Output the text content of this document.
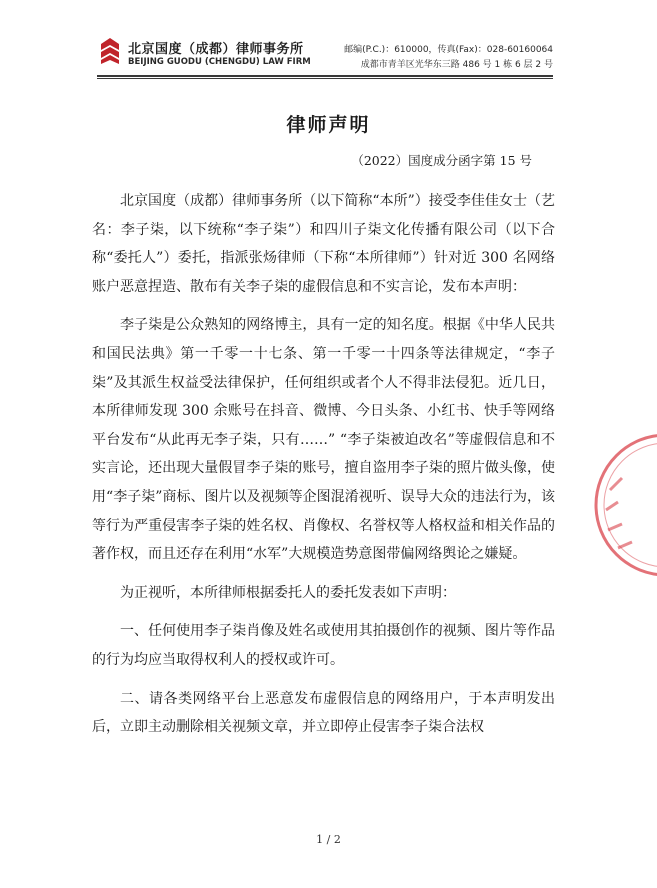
北京国度（成都）律师事务所
BEIJING GUODU (CHENGDU) LAW FIRM
邮编(P.C.)：610000，传真(Fax)：028-60160064
成都市青羊区光华东三路 486 号 1 栋 6 层 2 号
律师声明
（2022）国度成分函字第 15 号

北京国度（成都）律师事务所（以下简称“本所”）接受李佳佳女士（艺名：李子柒，以下统称“李子柒”）和四川子柒文化传播有限公司（以下合称“委托人”）委托，指派张炀律师（下称“本所律师”）针对近 300 名网络账户恶意捏造、散布有关李子柒的虚假信息和不实言论，发布本声明：

李子柒是公众熟知的网络博主，具有一定的知名度。根据《中华人民共和国民法典》第一千零一十七条、第一千零一十四条等法律规定，“李子柒”及其派生权益受法律保护，任何组织或者个人不得非法侵犯。近几日，本所律师发现 300 余账号在抖音、微博、今日头条、小红书、快手等网络平台发布“从此再无李子柒，只有……” “李子柒被迫改名”等虚假信息和不实言论，还出现大量假冒李子柒的账号，擅自盗用李子柒的照片做头像，使用“李子柒”商标、图片以及视频等企图混淆视听、误导大众的违法行为，该等行为严重侵害李子柒的姓名权、肖像权、名誉权等人格权益和相关作品的著作权，而且还存在利用“水军”大规模造势意图带偏网络舆论之嫌疑。

为正视听，本所律师根据委托人的委托发表如下声明：

一、任何使用李子柒肖像及姓名或使用其拍摄创作的视频、图片等作品的行为均应当取得权利人的授权或许可。

二、请各类网络平台上恶意发布虚假信息的网络用户，于本声明发出后，立即主动删除相关视频文章，并立即停止侵害李子柒合法权

1 / 2
